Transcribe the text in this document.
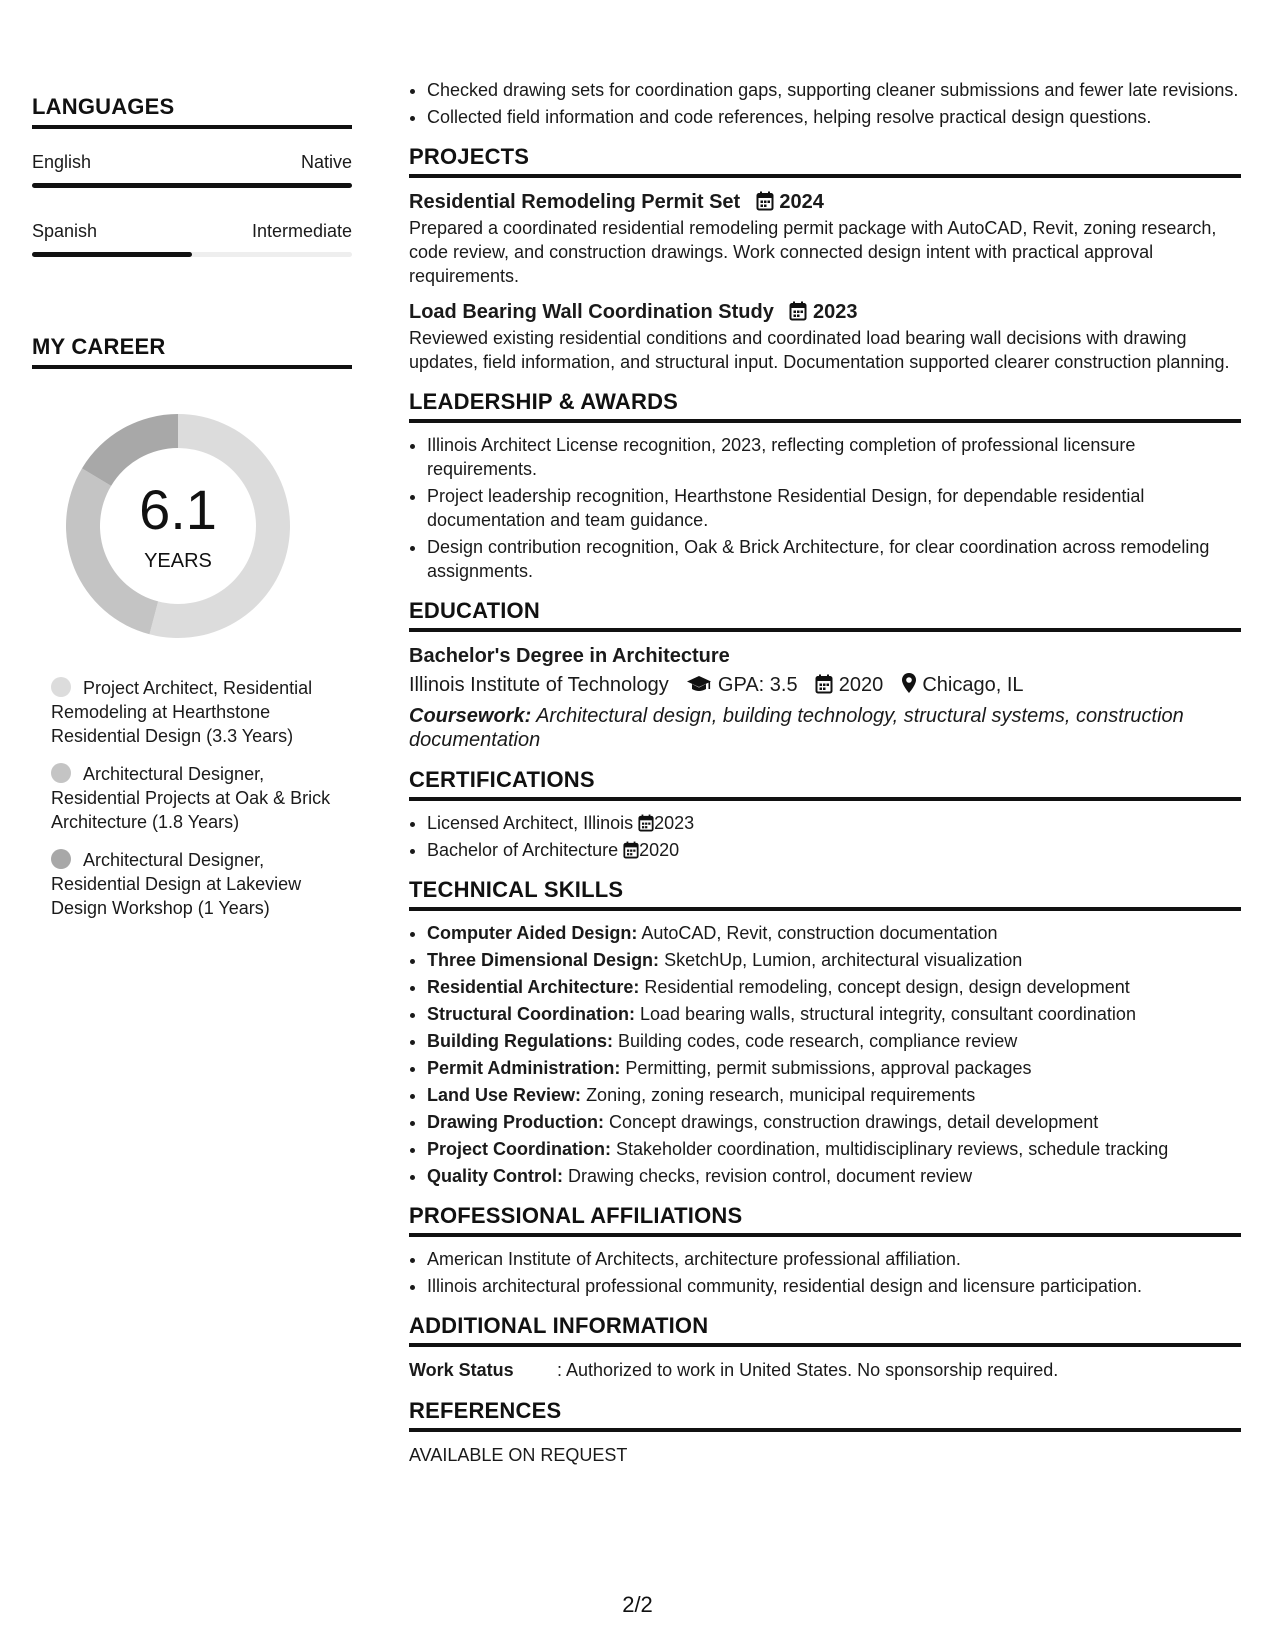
LANGUAGES
English	Native
Spanish	Intermediate
MY CAREER
6.1
YEARS
Project Architect, Residential Remodeling at Hearthstone Residential Design (3.3 Years)
Architectural Designer, Residential Projects at Oak & Brick Architecture (1.8 Years)
Architectural Designer, Residential Design at Lakeview Design Workshop (1 Years)
• Checked drawing sets for coordination gaps, supporting cleaner submissions and fewer late revisions.
• Collected field information and code references, helping resolve practical design questions.
PROJECTS
Residential Remodeling Permit Set 2024
Prepared a coordinated residential remodeling permit package with AutoCAD, Revit, zoning research, code review, and construction drawings. Work connected design intent with practical approval requirements.
Load Bearing Wall Coordination Study 2023
Reviewed existing residential conditions and coordinated load bearing wall decisions with drawing updates, field information, and structural input. Documentation supported clearer construction planning.
LEADERSHIP & AWARDS
• Illinois Architect License recognition, 2023, reflecting completion of professional licensure requirements.
• Project leadership recognition, Hearthstone Residential Design, for dependable residential documentation and team guidance.
• Design contribution recognition, Oak & Brick Architecture, for clear coordination across remodeling assignments.
EDUCATION
Bachelor's Degree in Architecture
Illinois Institute of Technology GPA: 3.5 2020 Chicago, IL
Coursework: Architectural design, building technology, structural systems, construction documentation
CERTIFICATIONS
• Licensed Architect, Illinois 2023
• Bachelor of Architecture 2020
TECHNICAL SKILLS
• Computer Aided Design: AutoCAD, Revit, construction documentation
• Three Dimensional Design: SketchUp, Lumion, architectural visualization
• Residential Architecture: Residential remodeling, concept design, design development
• Structural Coordination: Load bearing walls, structural integrity, consultant coordination
• Building Regulations: Building codes, code research, compliance review
• Permit Administration: Permitting, permit submissions, approval packages
• Land Use Review: Zoning, zoning research, municipal requirements
• Drawing Production: Concept drawings, construction drawings, detail development
• Project Coordination: Stakeholder coordination, multidisciplinary reviews, schedule tracking
• Quality Control: Drawing checks, revision control, document review
PROFESSIONAL AFFILIATIONS
• American Institute of Architects, architecture professional affiliation.
• Illinois architectural professional community, residential design and licensure participation.
ADDITIONAL INFORMATION
Work Status : Authorized to work in United States. No sponsorship required.
REFERENCES
AVAILABLE ON REQUEST
2/2
